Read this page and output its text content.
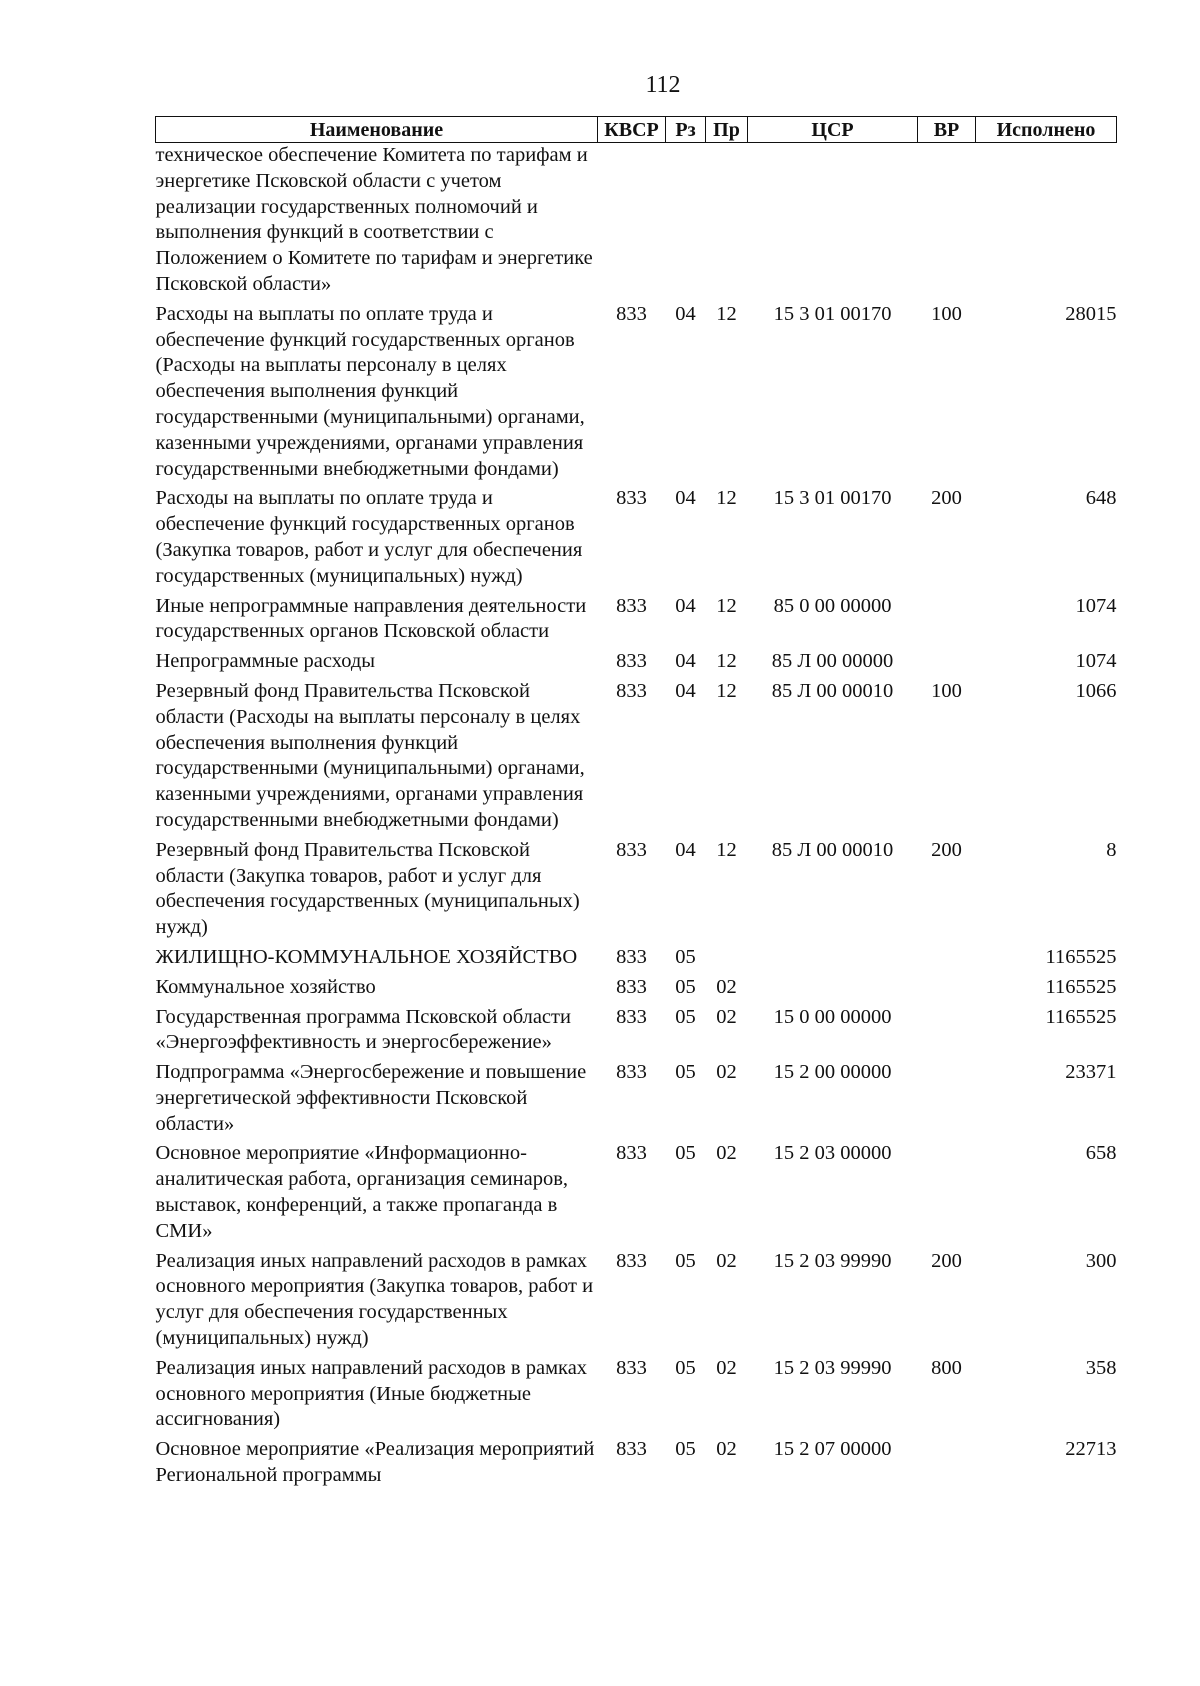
112
Наименование	КВСР	Рз	Пр	ЦСР	ВР	Исполнено
техническое обеспечение Комитета по тарифам и энергетике Псковской области с учетом реализации государственных полномочий и выполнения функций в соответствии с Положением о Комитете по тарифам и энергетике Псковской области»						
Расходы на выплаты по оплате труда и обеспечение функций государственных органов (Расходы на выплаты персоналу в целях обеспечения выполнения функций государственными (муниципальными) органами, казенными учреждениями, органами управления государственными внебюджетными фондами)	833	04	12	15 3 01 00170	100	28015
Расходы на выплаты по оплате труда и обеспечение функций государственных органов (Закупка товаров, работ и услуг для обеспечения государственных (муниципальных) нужд)	833	04	12	15 3 01 00170	200	648
Иные непрограммные направления деятельности государственных органов Псковской области	833	04	12	85 0 00 00000		1074
Непрограммные расходы	833	04	12	85 Л 00 00000		1074
Резервный фонд Правительства Псковской области (Расходы на выплаты персоналу в целях обеспечения выполнения функций государственными (муниципальными) органами, казенными учреждениями, органами управления государственными внебюджетными фондами)	833	04	12	85 Л 00 00010	100	1066
Резервный фонд Правительства Псковской области (Закупка товаров, работ и услуг для обеспечения государственных (муниципальных) нужд)	833	04	12	85 Л 00 00010	200	8
ЖИЛИЩНО-КОММУНАЛЬНОЕ ХОЗЯЙСТВО	833	05				1165525
Коммунальное хозяйство	833	05	02			1165525
Государственная программа Псковской области «Энергоэффективность и энергосбережение»	833	05	02	15 0 00 00000		1165525
Подпрограмма «Энергосбережение и повышение энергетической эффективности Псковской области»	833	05	02	15 2 00 00000		23371
Основное мероприятие «Информационно-аналитическая работа, организация семинаров, выставок, конференций, а также пропаганда в СМИ»	833	05	02	15 2 03 00000		658
Реализация иных направлений расходов в рамках основного мероприятия (Закупка товаров, работ и услуг для обеспечения государственных (муниципальных) нужд)	833	05	02	15 2 03 99990	200	300
Реализация иных направлений расходов в рамках основного мероприятия (Иные бюджетные ассигнования)	833	05	02	15 2 03 99990	800	358
Основное мероприятие «Реализация мероприятий Региональной программы	833	05	02	15 2 07 00000		22713
